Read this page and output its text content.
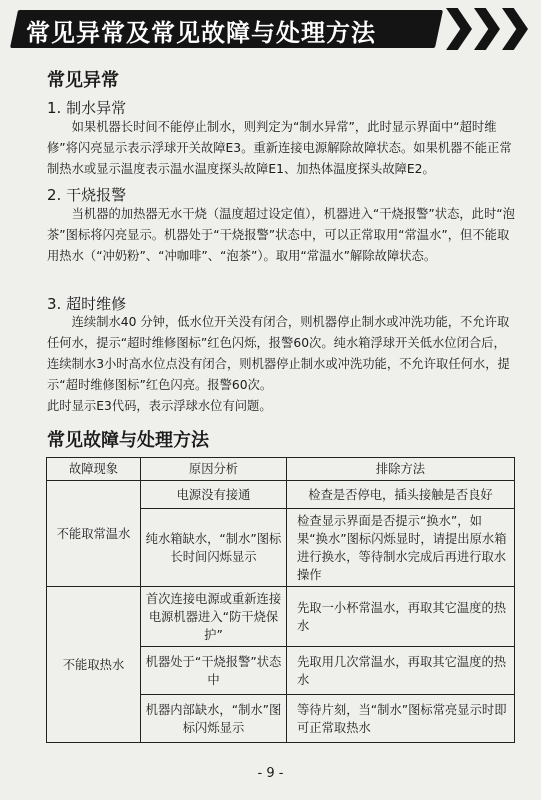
常见异常及常见故障与处理方法
常见异常
1. 制水异常

如果机器长时间不能停止制水，则判定为“制水异常”，此时显示界面中“超时维修”将闪亮显示表示浮球开关故障E3。重新连接电源解除故障状态。如果机器不能正常制热水或显示温度表示温水温度探头故障E1、加热体温度探头故障E2。

2. 干烧报警

当机器的加热器无水干烧（温度超过设定值），机器进入“干烧报警”状态，此时“泡茶”图标将闪亮显示。机器处于“干烧报警”状态中，可以正常取用“常温水”，但不能取用热水（“冲奶粉”、“冲咖啡”、“泡茶”）。取用“常温水”解除故障状态。

3. 超时维修

连续制水40 分钟，低水位开关没有闭合，则机器停止制水或冲洗功能，不允许取任何水，提示“超时维修图标”红色闪烁，报警60次。纯水箱浮球开关低水位闭合后，连续制水3小时高水位点没有闭合，则机器停止制水或冲洗功能，不允许取任何水，提示“超时维修图标”红色闪亮。报警60次。

此时显示E3代码，表示浮球水位有问题。

常见故障与处理方法
故障现象	原因分析	排除方法
不能取常温水	电源没有接通	检查是否停电，插头接触是否良好
	纯水箱缺水，“制水”图标长时间闪烁显示	检查显示界面是否提示“换水”，如果“换水”图标闪烁显时，请提出原水箱进行换水，等待制水完成后再进行取水操作
不能取热水	首次连接电源或重新连接电源机器进入“防干烧保护”	先取一小杯常温水，再取其它温度的热水
	机器处于“干烧报警”状态中	先取用几次常温水，再取其它温度的热水
	机器内部缺水，“制水”图标闪烁显示	等待片刻，当“制水”图标常亮显示时即可正常取热水
- 9 -
